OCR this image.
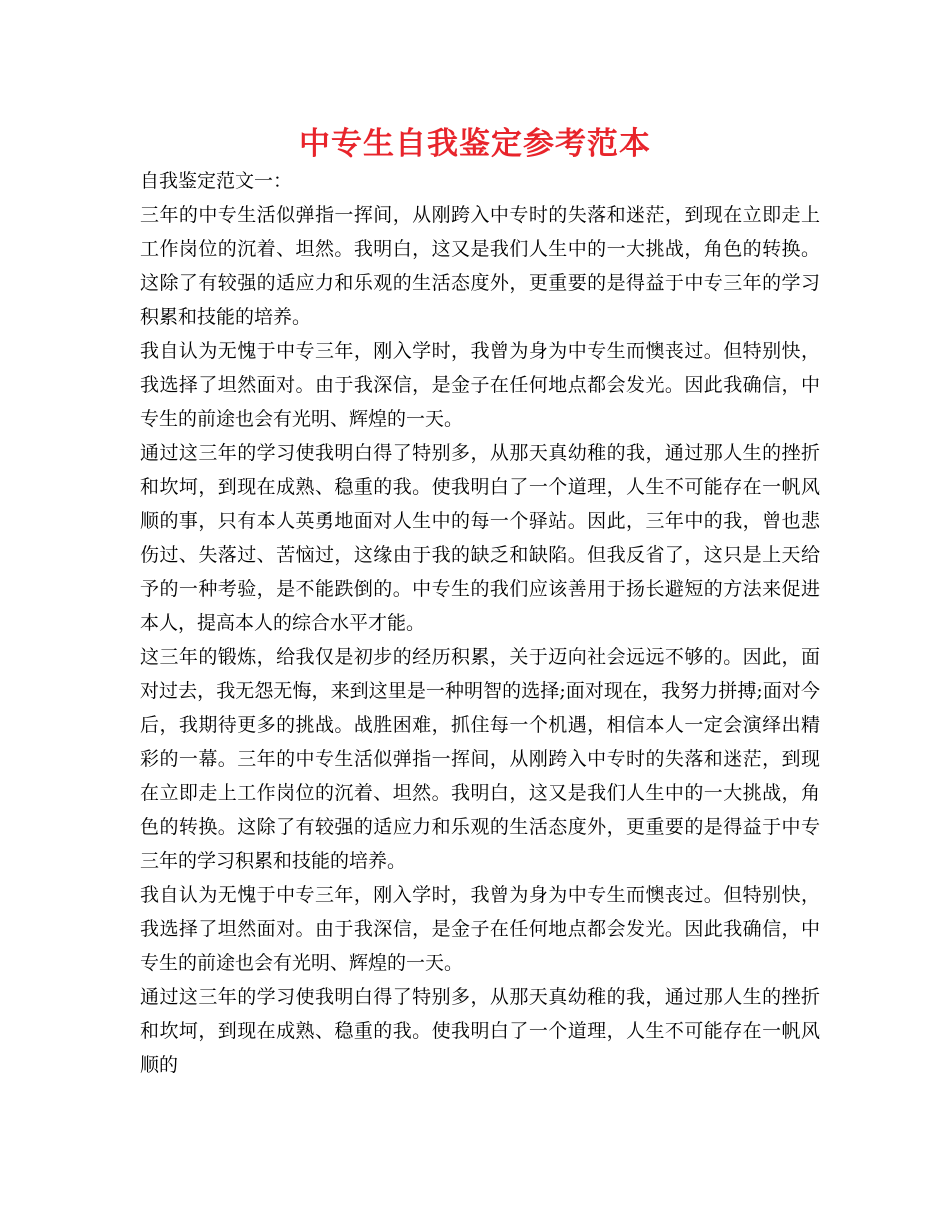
中专生自我鉴定参考范本

自我鉴定范文一：

三年的中专生活似弹指一挥间，从刚跨入中专时的失落和迷茫，到现在立即走上工作岗位的沉着、坦然。我明白，这又是我们人生中的一大挑战，角色的转换。这除了有较强的适应力和乐观的生活态度外，更重要的是得益于中专三年的学习积累和技能的培养。

我自认为无愧于中专三年，刚入学时，我曾为身为中专生而懊丧过。但特别快，我选择了坦然面对。由于我深信，是金子在任何地点都会发光。因此我确信，中专生的前途也会有光明、辉煌的一天。

通过这三年的学习使我明白得了特别多，从那天真幼稚的我，通过那人生的挫折和坎坷，到现在成熟、稳重的我。使我明白了一个道理，人生不可能存在一帆风顺的事，只有本人英勇地面对人生中的每一个驿站。因此，三年中的我，曾也悲伤过、失落过、苦恼过，这缘由于我的缺乏和缺陷。但我反省了，这只是上天给予的一种考验，是不能跌倒的。中专生的我们应该善用于扬长避短的方法来促进本人，提高本人的综合水平才能。

这三年的锻炼，给我仅是初步的经历积累，关于迈向社会远远不够的。因此，面对过去，我无怨无悔，来到这里是一种明智的选择;面对现在，我努力拼搏;面对今后，我期待更多的挑战。战胜困难，抓住每一个机遇，相信本人一定会演绎出精彩的一幕。三年的中专生活似弹指一挥间，从刚跨入中专时的失落和迷茫，到现在立即走上工作岗位的沉着、坦然。我明白，这又是我们人生中的一大挑战，角色的转换。这除了有较强的适应力和乐观的生活态度外，更重要的是得益于中专三年的学习积累和技能的培养。

我自认为无愧于中专三年，刚入学时，我曾为身为中专生而懊丧过。但特别快，我选择了坦然面对。由于我深信，是金子在任何地点都会发光。因此我确信，中专生的前途也会有光明、辉煌的一天。

通过这三年的学习使我明白得了特别多，从那天真幼稚的我，通过那人生的挫折和坎坷，到现在成熟、稳重的我。使我明白了一个道理，人生不可能存在一帆风顺的
